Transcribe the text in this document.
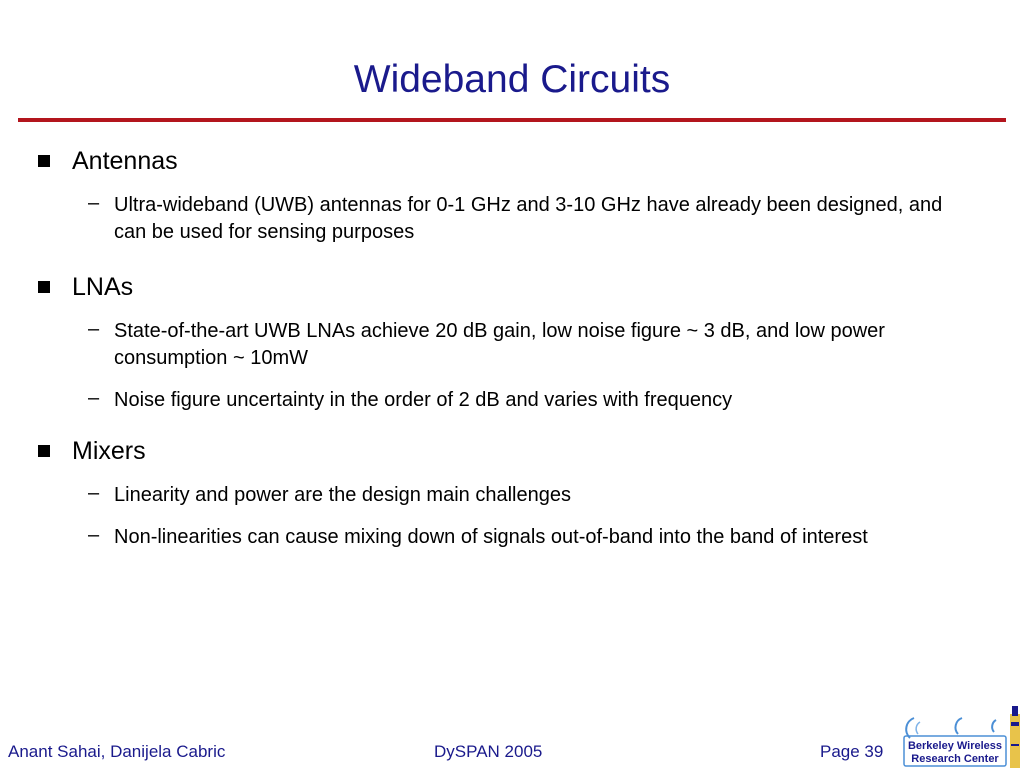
Wideband Circuits
Antennas
– Ultra-wideband (UWB) antennas for 0-1 GHz and 3-10 GHz have already been designed, and can be used for sensing purposes
LNAs
– State-of-the-art UWB LNAs achieve 20 dB gain, low noise figure ~ 3 dB, and low power consumption ~ 10mW
– Noise figure uncertainty in the order of 2 dB and varies with frequency
Mixers
– Linearity and power are the design main challenges
– Non-linearities can cause mixing down of signals out-of-band into the band of interest
Anant Sahai, Danijela Cabric	DySPAN 2005	Page 39 Berkeley Wireless
Research Center
